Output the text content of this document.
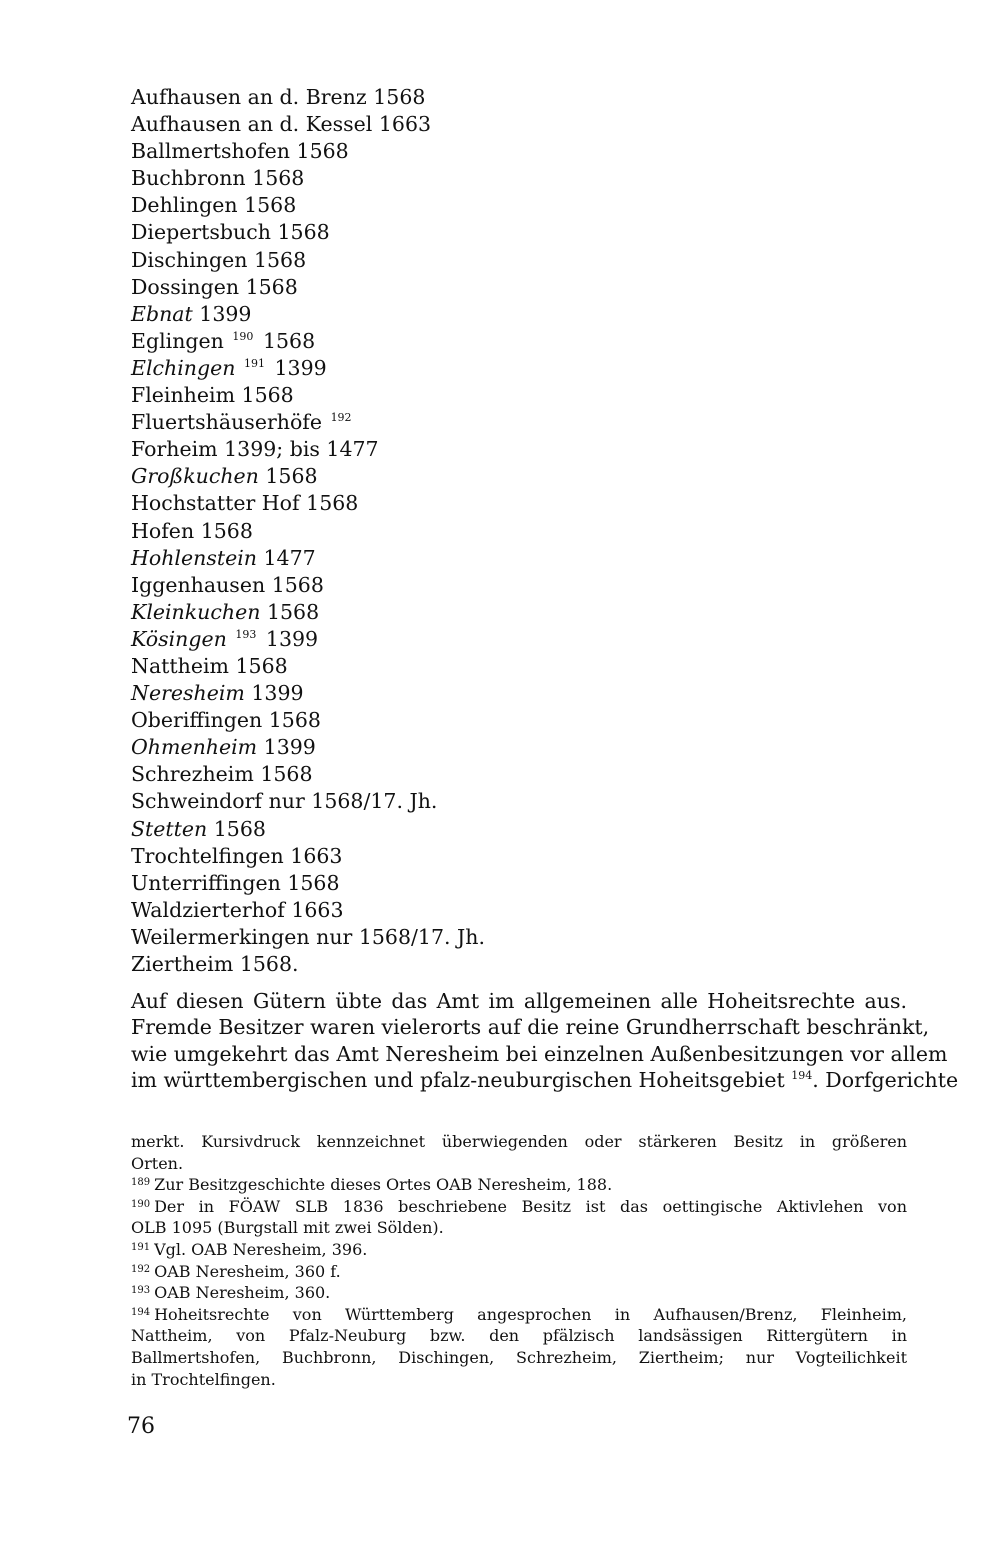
Aufhausen an d. Brenz 1568
Aufhausen an d. Kessel 1663
Ballmertshofen 1568
Buchbronn 1568
Dehlingen 1568
Diepertsbuch 1568
Dischingen 1568
Dossingen 1568
Ebnat 1399
Eglingen $^{190}$ 1568
Elchingen $^{191}$ 1399
Fleinheim 1568
Fluertshäuserhöfe $^{192}$
Forheim 1399; bis 1477
Großkuchen 1568
Hochstatter Hof 1568
Hofen 1568
Hohlenstein 1477
Iggenhausen 1568
Kleinkuchen 1568
Kösingen $^{193}$ 1399
Nattheim 1568
Neresheim 1399
Oberiffingen 1568
Ohmenheim 1399
Schrezheim 1568
Schweindorf nur 1568/17. Jh.
Stetten 1568
Trochtelfingen 1663
Unterriffingen 1568
Waldzierterhof 1663
Weilermerkingen nur 1568/17. Jh.
Ziertheim 1568.

Auf diesen Gütern übte das Amt im allgemeinen alle Hoheitsrechte aus.
Fremde Besitzer waren vielerorts auf die reine Grundherrschaft beschränkt,
wie umgekehrt das Amt Neresheim bei einzelnen Außenbesitzungen vor allem
im württembergischen und pfalz-neuburgischen Hoheitsgebiet $^{194}$. Dorfgerichte

merkt. Kursivdruck kennzeichnet überwiegenden oder stärkeren Besitz in größeren
Orten.
$^{189}$ Zur Besitzgeschichte dieses Ortes OAB Neresheim, 188.
$^{190}$ Der in FÖAW SLB 1836 beschriebene Besitz ist das oettingische Aktivlehen von
OLB 1095 (Burgstall mit zwei Sölden).
$^{191}$ Vgl. OAB Neresheim, 396.
$^{192}$ OAB Neresheim, 360 f.
$^{193}$ OAB Neresheim, 360.
$^{194}$ Hoheitsrechte von Württemberg angesprochen in Aufhausen/Brenz, Fleinheim,
Nattheim, von Pfalz-Neuburg bzw. den pfälzisch landsässigen Rittergütern in
Ballmertshofen, Buchbronn, Dischingen, Schrezheim, Ziertheim; nur Vogteilichkeit
in Trochtelfingen.
76
